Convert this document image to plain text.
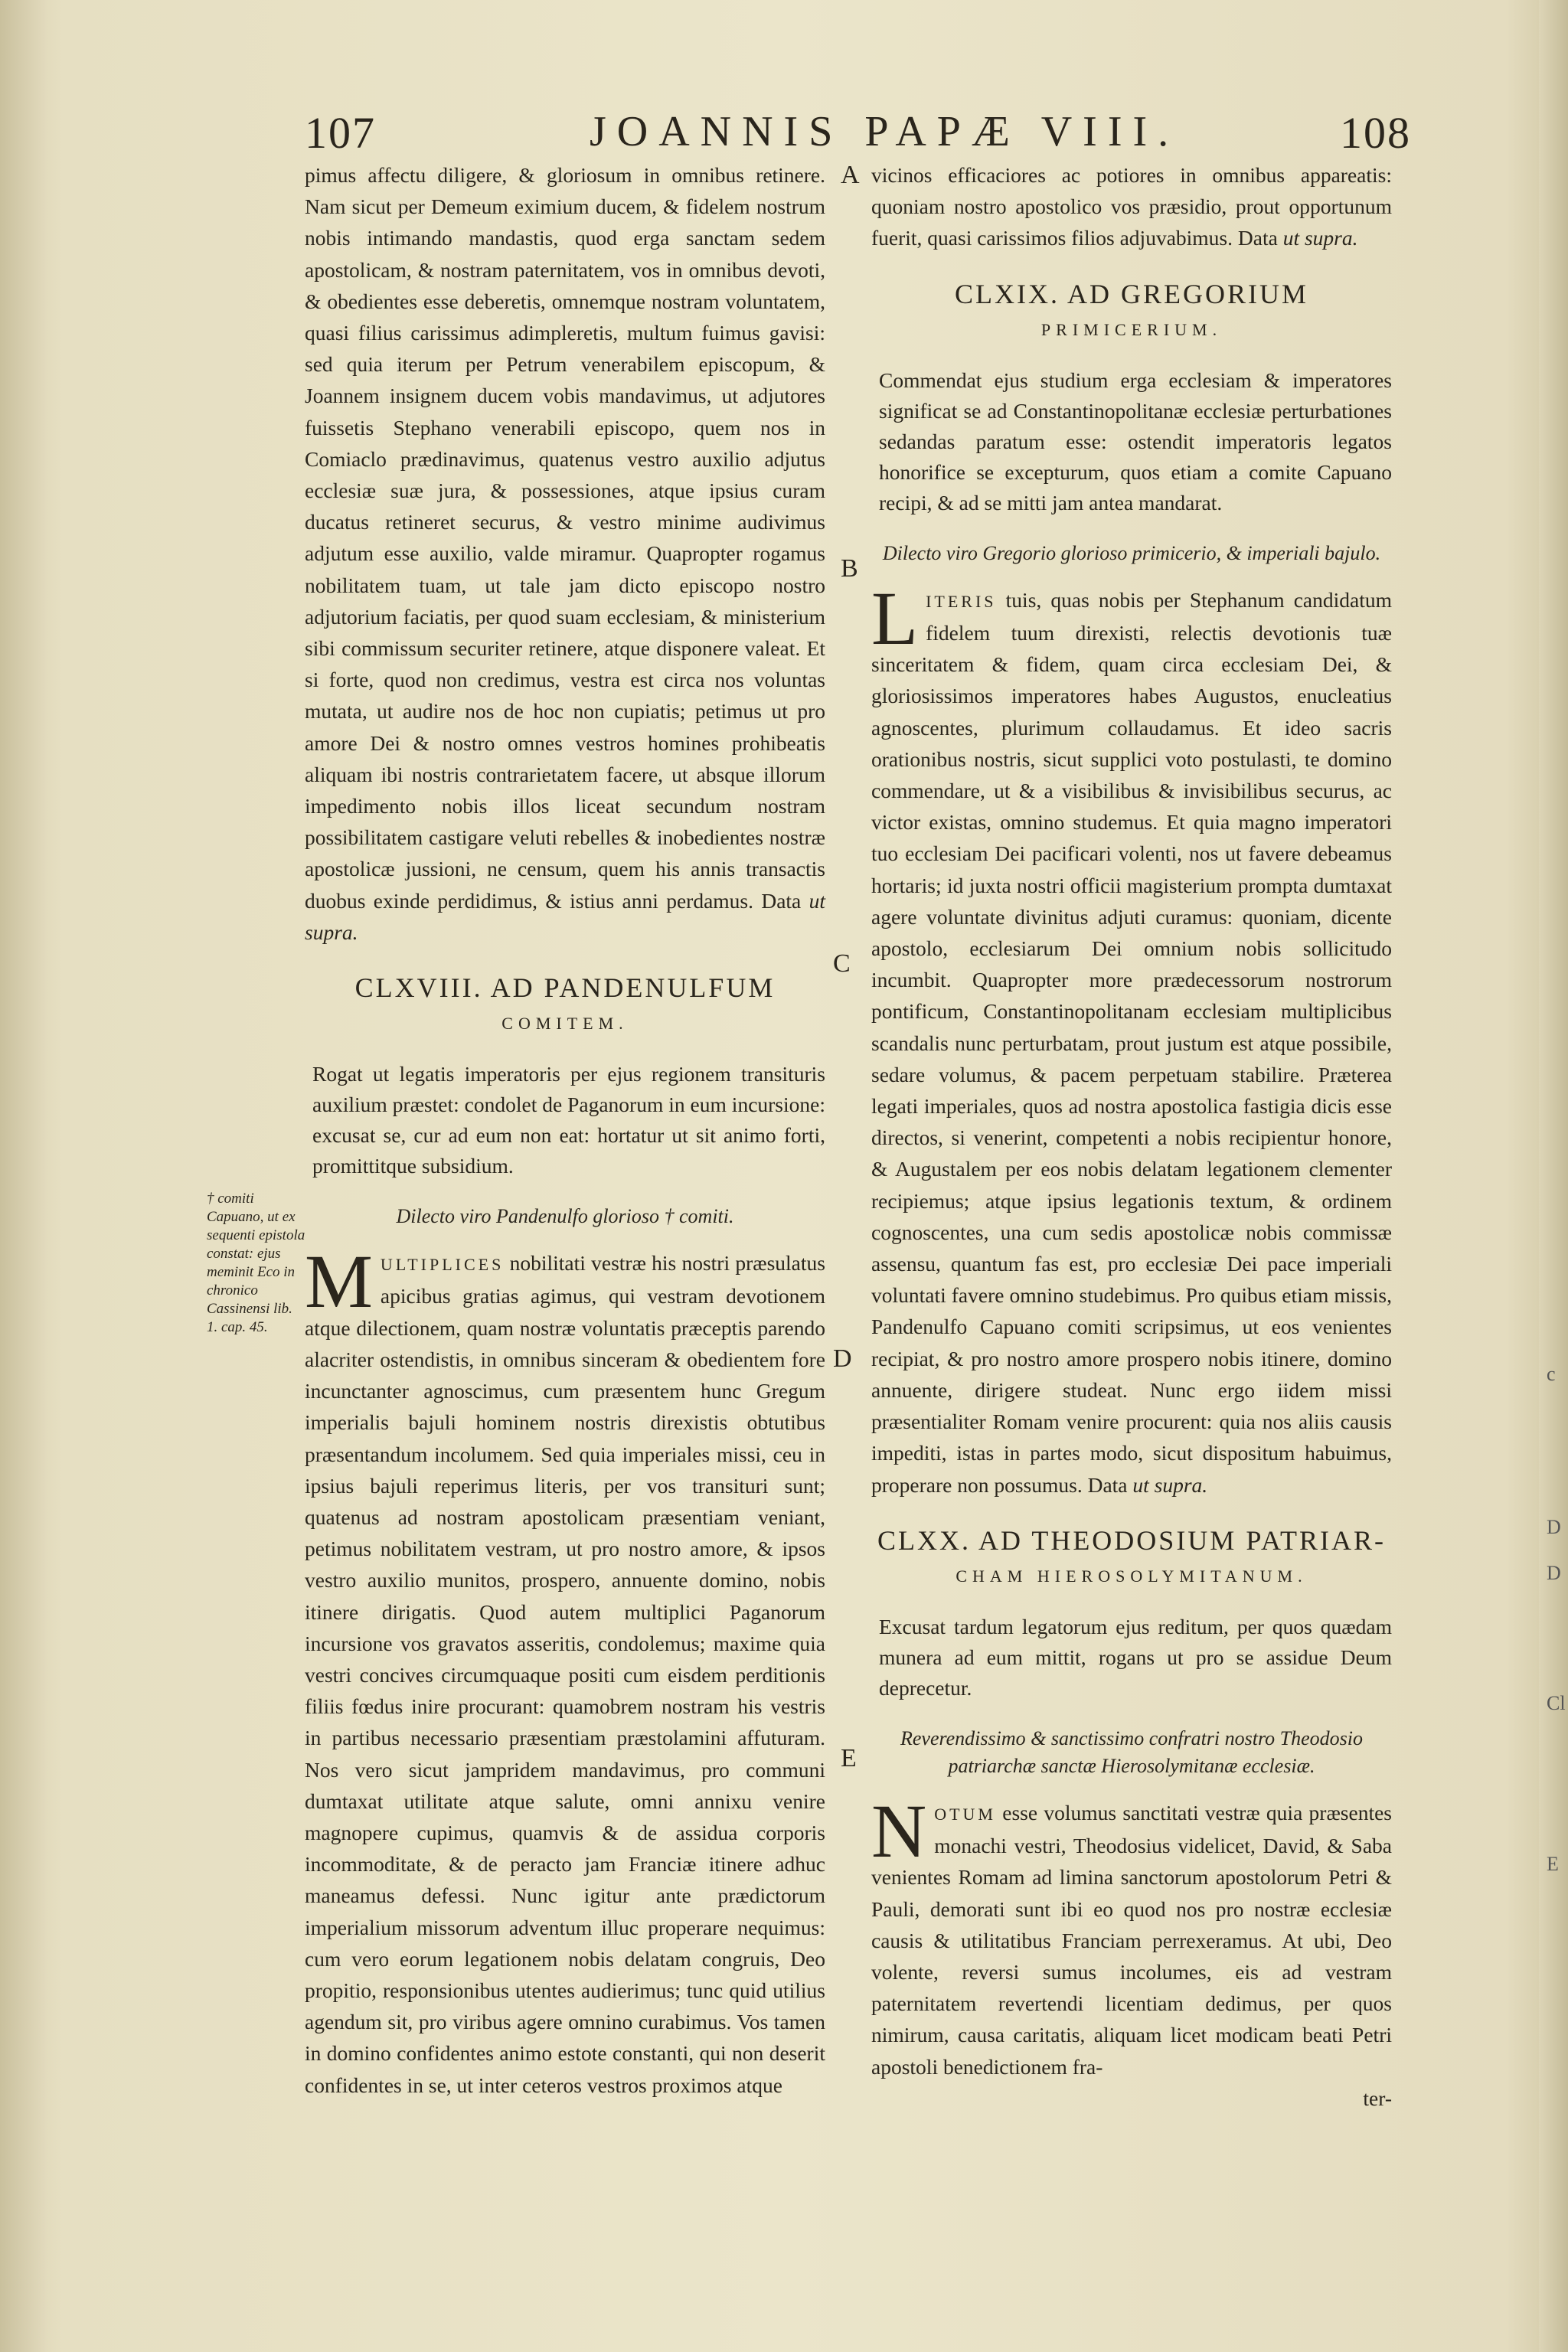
c
D
D
Cl
E
107	JOANNIS PAPÆ VIII.	108
A
B
C
D
E
† comiti Capuano, ut ex sequenti epistola constat: ejus meminit Eco in chronico Cassinensi lib. 1. cap. 45.

pimus affectu diligere, & gloriosum in omnibus retinere. Nam sicut per Demeum eximium ducem, & fidelem nostrum nobis intimando mandastis, quod erga sanctam sedem apostolicam, & nostram paternitatem, vos in omnibus devoti, & obedientes esse deberetis, omnemque nostram voluntatem, quasi filius carissimus adimpleretis, multum fuimus gavisi: sed quia iterum per Petrum venerabilem episcopum, & Joannem insignem ducem vobis mandavimus, ut adjutores fuissetis Stephano venerabili episcopo, quem nos in Comiaclo prædinavimus, quatenus vestro auxilio adjutus ecclesiæ suæ jura, & possessiones, atque ipsius curam ducatus retineret securus, & vestro minime audivimus adjutum esse auxilio, valde miramur. Quapropter rogamus nobilitatem tuam, ut tale jam dicto episcopo nostro adjutorium faciatis, per quod suam ecclesiam, & ministerium sibi commissum securiter retinere, atque disponere valeat. Et si forte, quod non credimus, vestra est circa nos voluntas mutata, ut audire nos de hoc non cupiatis; petimus ut pro amore Dei & nostro omnes vestros homines prohibeatis aliquam ibi nostris contrarietatem facere, ut absque illorum impedimento nobis illos liceat secundum nostram possibilitatem castigare veluti rebelles & inobedientes nostræ apostolicæ jussioni, ne censum, quem his annis transactis duobus exinde perdidimus, & istius anni perdamus. Data ut supra.

CLXVIII. AD PANDENULFUM
COMITEM.
Rogat ut legatis imperatoris per ejus regionem transituris auxilium præstet: condolet de Paganorum in eum incursione: excusat se, cur ad eum non eat: hortatur ut sit animo forti, promittitque subsidium.
Dilecto viro Pandenulfo glorioso † comiti.

MULTIPLICES nobilitati vestræ his nostri præsulatus apicibus gratias agimus, qui vestram devotionem atque dilectionem, quam nostræ voluntatis præceptis parendo alacriter ostendistis, in omnibus sinceram & obedientem fore incunctanter agnoscimus, cum præsentem hunc Gregum imperialis bajuli hominem nostris direxistis obtutibus præsentandum incolumem. Sed quia imperiales missi, ceu in ipsius bajuli reperimus literis, per vos transituri sunt; quatenus ad nostram apostolicam præsentiam veniant, petimus nobilitatem vestram, ut pro nostro amore, & ipsos vestro auxilio munitos, prospero, annuente domino, nobis itinere dirigatis. Quod autem multiplici Paganorum incursione vos gravatos asseritis, condolemus; maxime quia vestri concives circumquaque positi cum eisdem perditionis filiis fœdus inire procurant: quamobrem nostram his vestris in partibus necessario præsentiam præstolamini affuturam. Nos vero sicut jampridem mandavimus, pro communi dumtaxat utilitate atque salute, omni annixu venire magnopere cupimus, quamvis & de assidua corporis incommoditate, & de peracto jam Franciæ itinere adhuc maneamus defessi. Nunc igitur ante prædictorum imperialium missorum adventum illuc properare nequimus: cum vero eorum legationem nobis delatam congruis, Deo propitio, responsionibus utentes audierimus; tunc quid utilius agendum sit, pro viribus agere omnino curabimus. Vos tamen in domino confidentes animo estote constanti, qui non deserit confidentes in se, ut inter ceteros vestros proximos atque

vicinos efficaciores ac potiores in omnibus appareatis: quoniam nostro apostolico vos præsidio, prout opportunum fuerit, quasi carissimos filios adjuvabimus. Data ut supra.

CLXIX. AD GREGORIUM
PRIMICERIUM.
Commendat ejus studium erga ecclesiam & imperatores significat se ad Constantinopolitanæ ecclesiæ perturbationes sedandas paratum esse: ostendit imperatoris legatos honorifice se excepturum, quos etiam a comite Capuano recipi, & ad se mitti jam antea mandarat.
Dilecto viro Gregorio glorioso primicerio, & imperiali bajulo.

LITERIS tuis, quas nobis per Stephanum candidatum fidelem tuum direxisti, relectis devotionis tuæ sinceritatem & fidem, quam circa ecclesiam Dei, & gloriosissimos imperatores habes Augustos, enucleatius agnoscentes, plurimum collaudamus. Et ideo sacris orationibus nostris, sicut supplici voto postulasti, te domino commendare, ut & a visibilibus & invisibilibus securus, ac victor existas, omnino studemus. Et quia magno imperatori tuo ecclesiam Dei pacificari volenti, nos ut favere debeamus hortaris; id juxta nostri officii magisterium prompta dumtaxat agere voluntate divinitus adjuti curamus: quoniam, dicente apostolo, ecclesiarum Dei omnium nobis sollicitudo incumbit. Quapropter more prædecessorum nostrorum pontificum, Constantinopolitanam ecclesiam multiplicibus scandalis nunc perturbatam, prout justum est atque possibile, sedare volumus, & pacem perpetuam stabilire. Præterea legati imperiales, quos ad nostra apostolica fastigia dicis esse directos, si venerint, competenti a nobis recipientur honore, & Augustalem per eos nobis delatam legationem clementer recipiemus; atque ipsius legationis textum, & ordinem cognoscentes, una cum sedis apostolicæ nobis commissæ assensu, quantum fas est, pro ecclesiæ Dei pace imperiali voluntati favere omnino studebimus. Pro quibus etiam missis, Pandenulfo Capuano comiti scripsimus, ut eos venientes recipiat, & pro nostro amore prospero nobis itinere, domino annuente, dirigere studeat. Nunc ergo iidem missi præsentialiter Romam venire procurent: quia nos aliis causis impediti, istas in partes modo, sicut dispositum habuimus, properare non possumus. Data ut supra.

CLXX. AD THEODOSIUM PATRIAR-
CHAM HIEROSOLYMITANUM.
Excusat tardum legatorum ejus reditum, per quos quædam munera ad eum mittit, rogans ut pro se assidue Deum deprecetur.
Reverendissimo & sanctissimo confratri nostro Theodosio patriarchæ sanctæ Hierosolymitanæ ecclesiæ.

NOTUM esse volumus sanctitati vestræ quia præsentes monachi vestri, Theodosius videlicet, David, & Saba venientes Romam ad limina sanctorum apostolorum Petri & Pauli, demorati sunt ibi eo quod nos pro nostræ ecclesiæ causis & utilitatibus Franciam perrexeramus. At ubi, Deo volente, reversi sumus incolumes, eis ad vestram paternitatem revertendi licentiam dedimus, per quos nimirum, causa caritatis, aliquam licet modicam beati Petri apostoli benedictionem fra-

ter-
